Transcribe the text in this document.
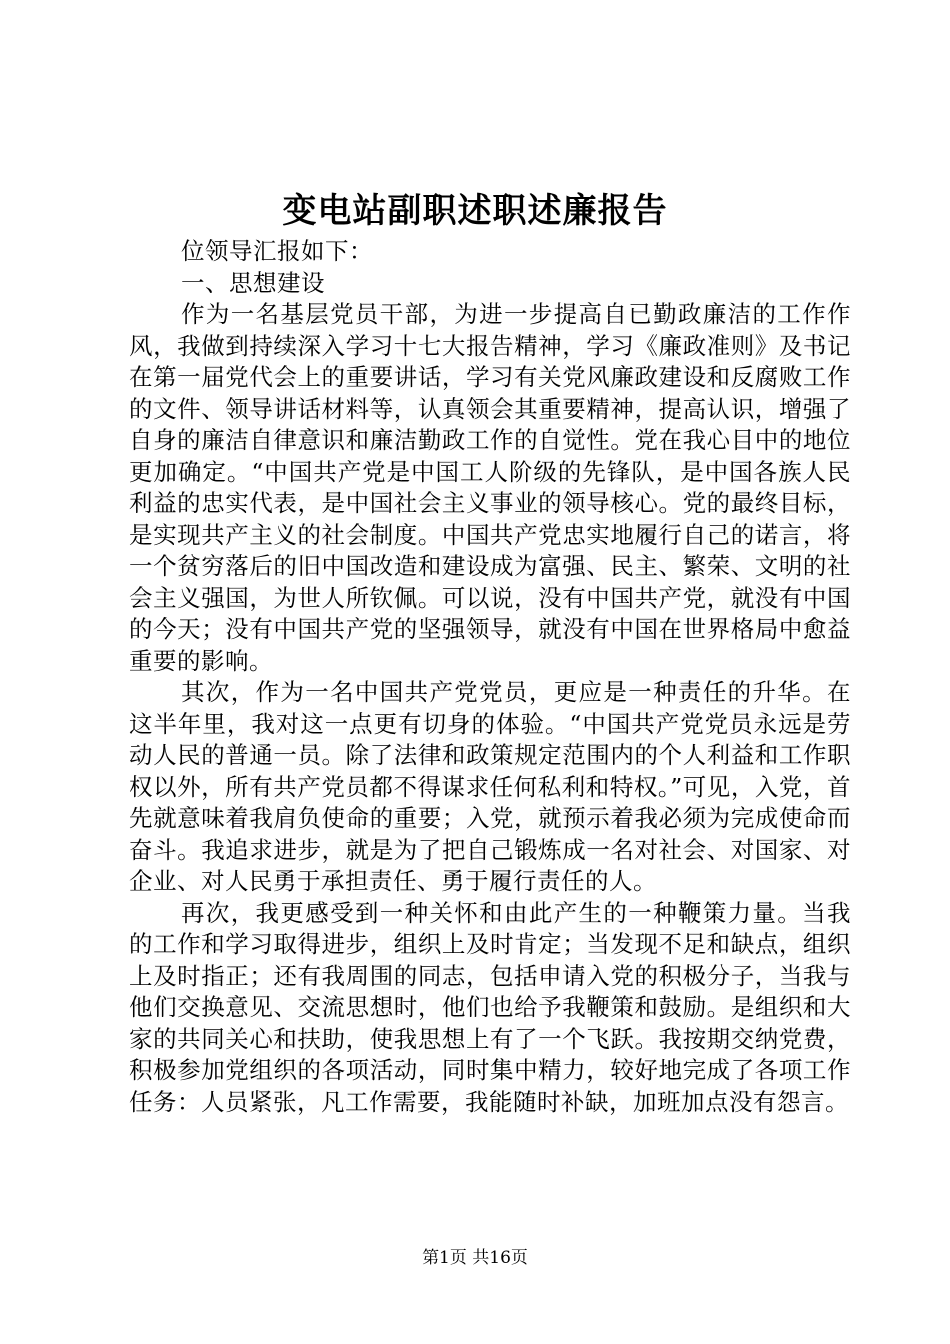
变电站副职述职述廉报告

位领导汇报如下：

一、思想建设

作为一名基层党员干部，为进一步提高自已勤政廉洁的工作作风，我做到持续深入学习十七大报告精神，学习《廉政准则》及书记在第一届党代会上的重要讲话，学习有关党风廉政建设和反腐败工作的文件、领导讲话材料等，认真领会其重要精神，提高认识，增强了自身的廉洁自律意识和廉洁勤政工作的自觉性。党在我心目中的地位更加确定。“中国共产党是中国工人阶级的先锋队，是中国各族人民利益的忠实代表，是中国社会主义事业的领导核心。党的最终目标，是实现共产主义的社会制度。中国共产党忠实地履行自己的诺言，将一个贫穷落后的旧中国改造和建设成为富强、民主、繁荣、文明的社会主义强国，为世人所钦佩。可以说，没有中国共产党，就没有中国的今天；没有中国共产党的坚强领导，就没有中国在世界格局中愈益重要的影响。

其次，作为一名中国共产党党员，更应是一种责任的升华。在这半年里，我对这一点更有切身的体验。“中国共产党党员永远是劳动人民的普通一员。除了法律和政策规定范围内的个人利益和工作职权以外，所有共产党员都不得谋求任何私利和特权。”可见，入党，首先就意味着我肩负使命的重要；入党，就预示着我必须为完成使命而奋斗。我追求进步，就是为了把自己锻炼成一名对社会、对国家、对企业、对人民勇于承担责任、勇于履行责任的人。

再次，我更感受到一种关怀和由此产生的一种鞭策力量。当我的工作和学习取得进步，组织上及时肯定；当发现不足和缺点，组织上及时指正；还有我周围的同志，包括申请入党的积极分子，当我与他们交换意见、交流思想时，他们也给予我鞭策和鼓励。是组织和大家的共同关心和扶助，使我思想上有了一个飞跃。我按期交纳党费，积极参加党组织的各项活动，同时集中精力，较好地完成了各项工作任务：人员紧张，凡工作需要，我能随时补缺，加班加点没有怨言。

第1页 共16页
